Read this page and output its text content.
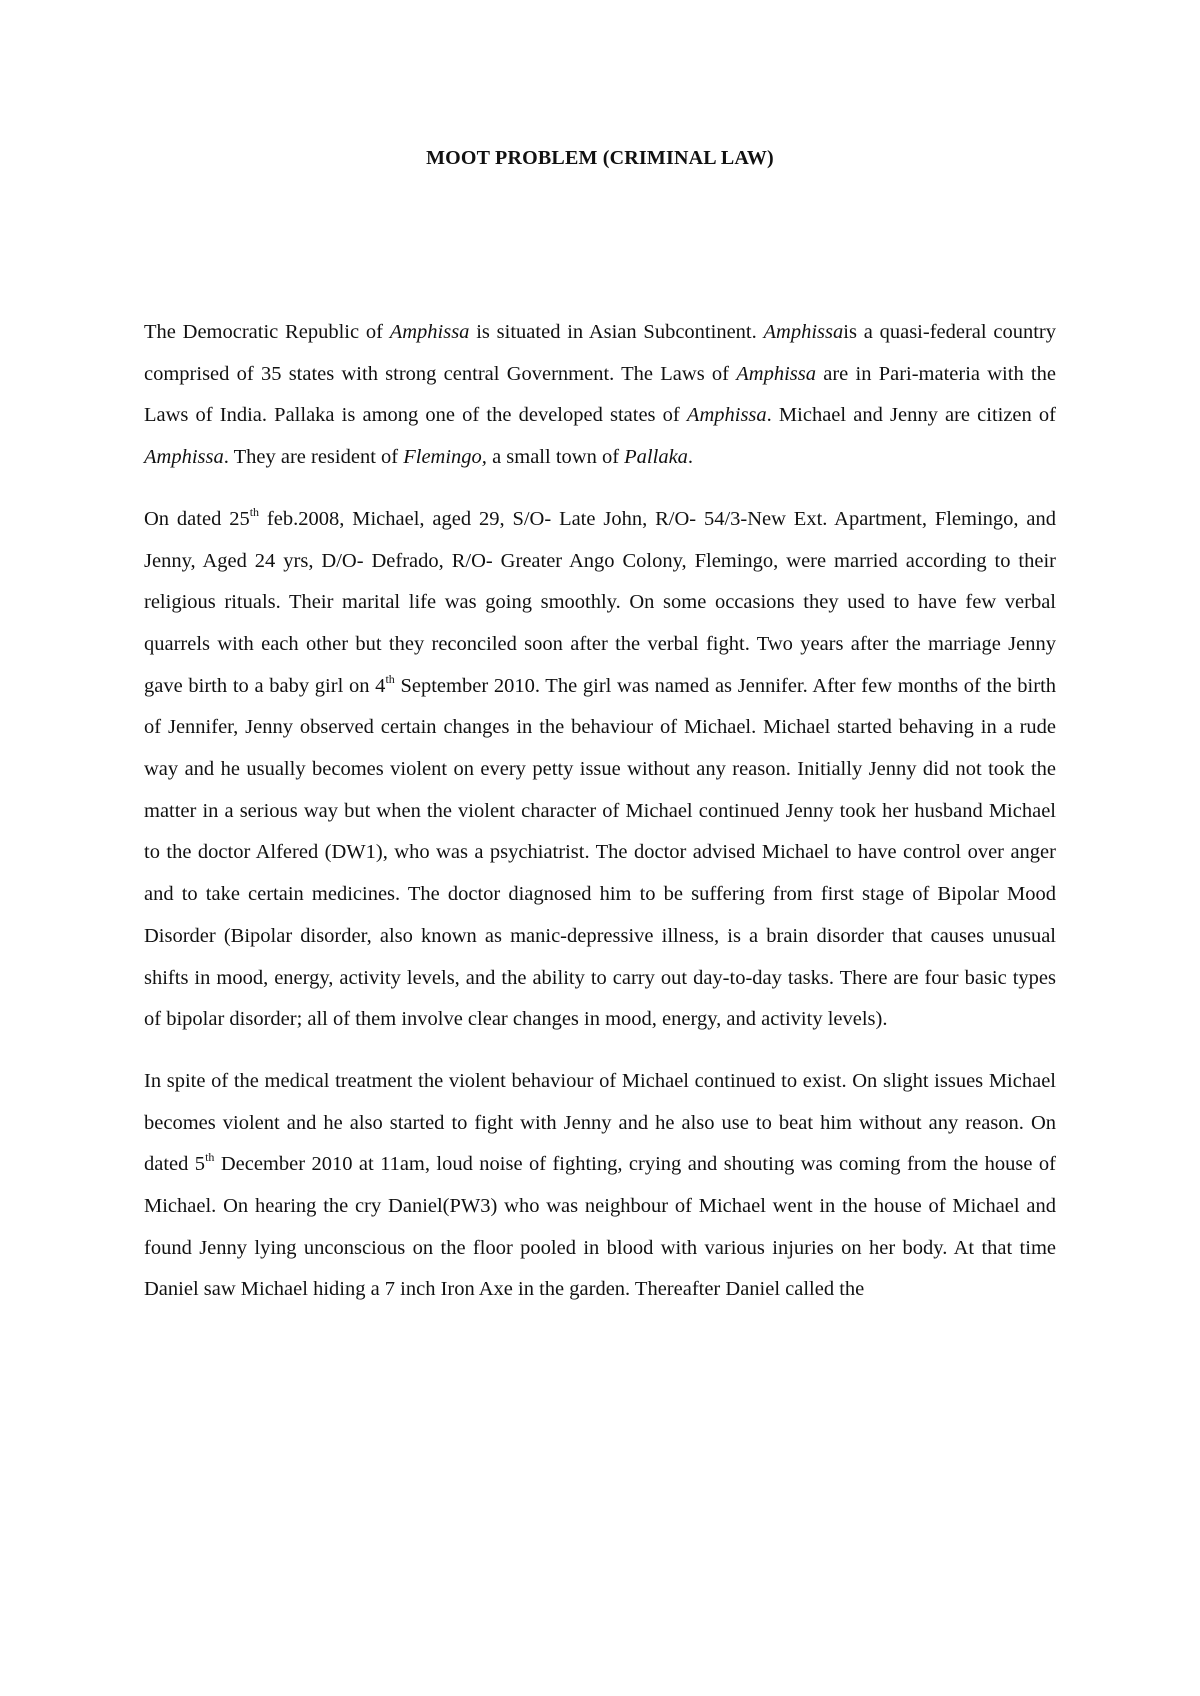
MOOT PROBLEM (CRIMINAL LAW)

The Democratic Republic of Amphissa is situated in Asian Subcontinent. Amphissais a quasi-federal country comprised of 35 states with strong central Government. The Laws of Amphissa are in Pari-materia with the Laws of India. Pallaka is among one of the developed states of Amphissa. Michael and Jenny are citizen of Amphissa. They are resident of Flemingo, a small town of Pallaka.

On dated 25th feb.2008, Michael, aged 29, S/O- Late John, R/O- 54/3-New Ext. Apartment, Flemingo, and Jenny, Aged 24 yrs, D/O- Defrado, R/O- Greater Ango Colony, Flemingo, were married according to their religious rituals. Their marital life was going smoothly. On some occasions they used to have few verbal quarrels with each other but they reconciled soon after the verbal fight. Two years after the marriage Jenny gave birth to a baby girl on 4th September 2010. The girl was named as Jennifer. After few months of the birth of Jennifer, Jenny observed certain changes in the behaviour of Michael. Michael started behaving in a rude way and he usually becomes violent on every petty issue without any reason. Initially Jenny did not took the matter in a serious way but when the violent character of Michael continued Jenny took her husband Michael to the doctor Alfered (DW1), who was a psychiatrist. The doctor advised Michael to have control over anger and to take certain medicines. The doctor diagnosed him to be suffering from first stage of Bipolar Mood Disorder (Bipolar disorder, also known as manic-depressive illness, is a brain disorder that causes unusual shifts in mood, energy, activity levels, and the ability to carry out day-to-day tasks. There are four basic types of bipolar disorder; all of them involve clear changes in mood, energy, and activity levels).

In spite of the medical treatment the violent behaviour of Michael continued to exist. On slight issues Michael becomes violent and he also started to fight with Jenny and he also use to beat him without any reason. On dated 5th December 2010 at 11am, loud noise of fighting, crying and shouting was coming from the house of Michael. On hearing the cry Daniel(PW3) who was neighbour of Michael went in the house of Michael and found Jenny lying unconscious on the floor pooled in blood with various injuries on her body. At that time Daniel saw Michael hiding a 7 inch Iron Axe in the garden. Thereafter Daniel called the
